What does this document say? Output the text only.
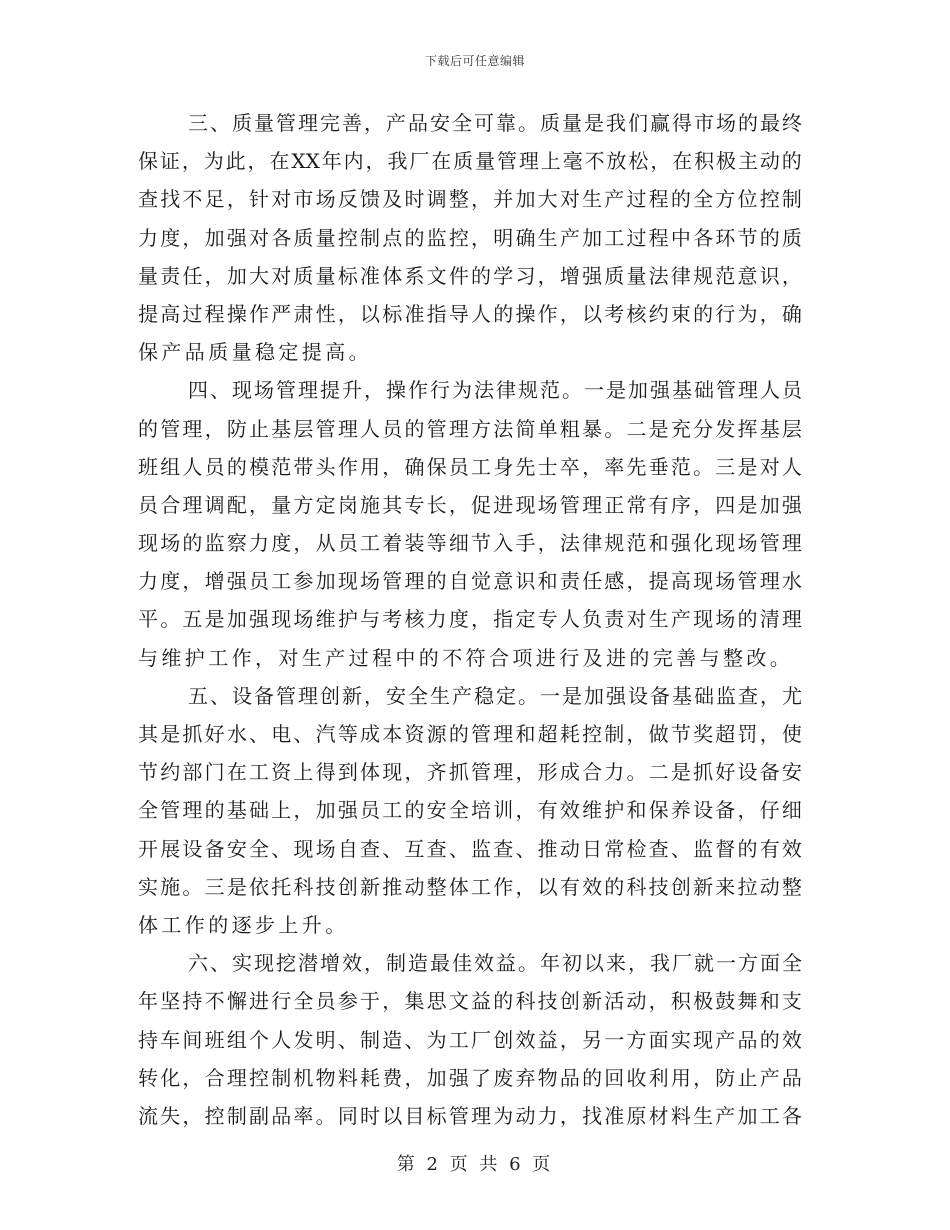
下载后可任意编辑
三 、 质 量 管 理 完 善 ， 产 品 安 全 可 靠 。 质 量 是 我 们 赢 得 市 场 的 最 终
保 证 ， 为 此 ， 在 XX 年 内 ， 我 厂 在 质 量 管 理 上 毫 不 放 松 ， 在 积 极 主 动 的
查 找 不 足 ， 针 对 市 场 反 馈 及 时 调 整 ， 并 加 大 对 生 产 过 程 的 全 方 位 控 制
力 度 ， 加 强 对 各 质 量 控 制 点 的 监 控 ， 明 确 生 产 加 工 过 程 中 各 环 节 的 质
量 责 任 ， 加 大 对 质 量 标 准 体 系 文 件 的 学 习 ， 增 强 质 量 法 律 规 范 意 识 ，
提 高 过 程 操 作 严 肃 性 ， 以 标 准 指 导 人 的 操 作 ， 以 考 核 约 束 的 行 为 ， 确
保产品质量稳定提高。
四 、 现 场 管 理 提 升 ， 操 作 行 为 法 律 规 范 。 一 是 加 强 基 础 管 理 人 员
的 管 理 ， 防 止 基 层 管 理 人 员 的 管 理 方 法 简 单 粗 暴 。 二 是 充 分 发 挥 基 层
班 组 人 员 的 模 范 带 头 作 用 ， 确 保 员 工 身 先 士 卒 ， 率 先 垂 范 。 三 是 对 人
员 合 理 调 配 ， 量 方 定 岗 施 其 专 长 ， 促 进 现 场 管 理 正 常 有 序 ， 四 是 加 强
现 场 的 监 察 力 度 ， 从 员 工 着 装 等 细 节 入 手 ， 法 律 规 范 和 强 化 现 场 管 理
力 度 ， 增 强 员 工 参 加 现 场 管 理 的 自 觉 意 识 和 责 任 感 ， 提 高 现 场 管 理 水
平 。 五 是 加 强 现 场 维 护 与 考 核 力 度 ， 指 定 专 人 负 责 对 生 产 现 场 的 清 理
与维护工作，对生产过程中的不符合项进行及进的完善与整改。
五 、 设 备 管 理 创 新 ， 安 全 生 产 稳 定 。 一 是 加 强 设 备 基 础 监 查 ， 尤
其 是 抓 好 水 、 电 、 汽 等 成 本 资 源 的 管 理 和 超 耗 控 制 ， 做 节 奖 超 罚 ， 使
节 约 部 门 在 工 资 上 得 到 体 现 ， 齐 抓 管 理 ， 形 成 合 力 。 二 是 抓 好 设 备 安
全 管 理 的 基 础 上 ， 加 强 员 工 的 安 全 培 训 ， 有 效 维 护 和 保 养 设 备 ， 仔 细
开 展 设 备 安 全 、 现 场 自 查 、 互 查 、 监 查 、 推 动 日 常 检 查 、 监 督 的 有 效
实 施 。 三 是 依 托 科 技 创 新 推 动 整 体 工 作 ， 以 有 效 的 科 技 创 新 来 拉 动 整
体工作的逐步上升。
六 、 实 现 挖 潜 增 效 ， 制 造 最 佳 效 益 。 年 初 以 来 ， 我 厂 就 一 方 面 全
年 坚 持 不 懈 进 行 全 员 参 于 ， 集 思 文 益 的 科 技 创 新 活 动 ， 积 极 鼓 舞 和 支
持 车 间 班 组 个 人 发 明 、 制 造 、 为 工 厂 创 效 益 ， 另 一 方 面 实 现 产 品 的 效
转 化 ， 合 理 控 制 机 物 料 耗 费 ， 加 强 了 废 弃 物 品 的 回 收 利 用 ， 防 止 产 品
流 失 ， 控 制 副 品 率 。 同 时 以 目 标 管 理 为 动 力 ， 找 准 原 材 料 生 产 加 工 各
第 2 页 共 6 页
